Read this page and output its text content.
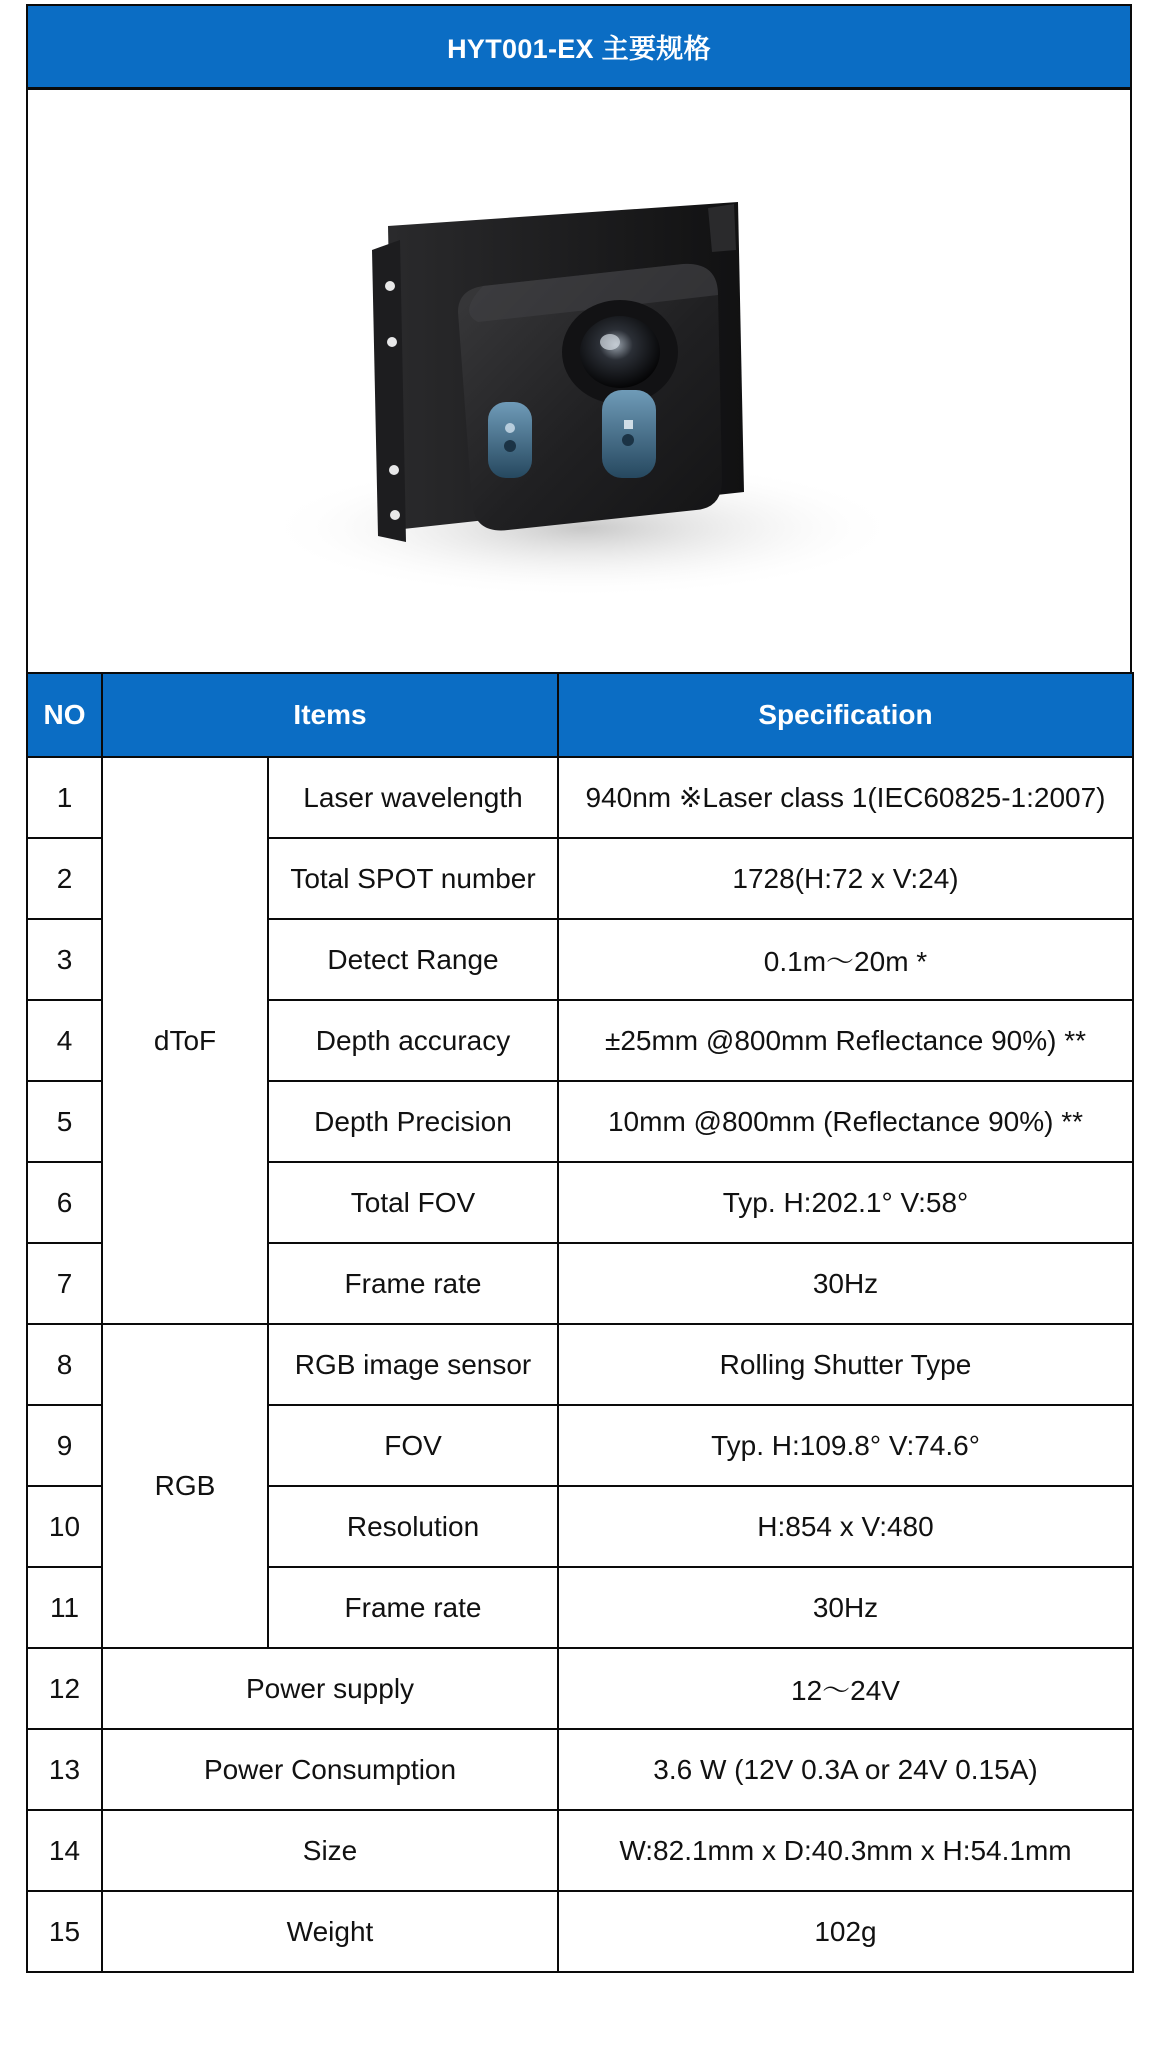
HYT001-EX 主要规格
NO	Items		Specification
1	dToF	Laser wavelength	940nm ※Laser class 1(IEC60825-1:2007)
2		Total SPOT number	1728(H:72 x V:24)
3		Detect Range	0.1m～20m *
4		Depth accuracy	±25mm @800mm Reflectance 90%) **
5		Depth Precision	10mm @800mm (Reflectance 90%) **
6		Total FOV	Typ. H:202.1° V:58°
7		Frame rate	30Hz
8	RGB	RGB image sensor	Rolling Shutter Type
9		FOV	Typ. H:109.8° V:74.6°
10		Resolution	H:854 x V:480
11		Frame rate	30Hz
12	Power supply		12～24V
13	Power Consumption		3.6 W (12V 0.3A or 24V 0.15A)
14	Size		W:82.1mm x D:40.3mm x H:54.1mm
15	Weight		102g
